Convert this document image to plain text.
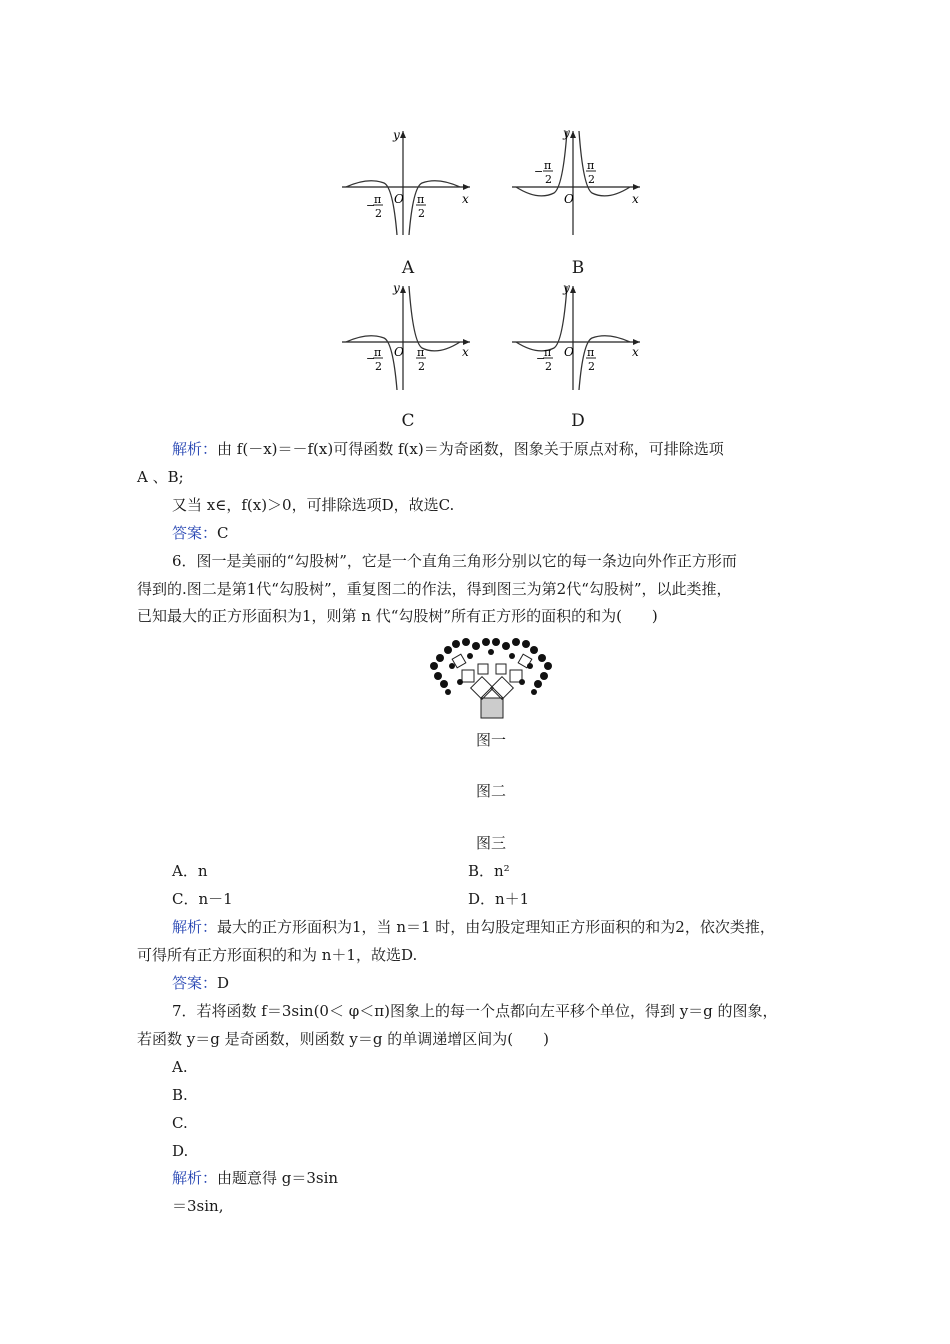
y
x
O
π
−
2
π
2
A
y
x
O
π
−
2
π
2
B
y
x
O
π
−
2
π
2
C
y
x
O
π
−
2
π
2
D
解析：由 f(－x)＝－f(x)可得函数 f(x)＝为奇函数，图象关于原点对称，可排除选项
A 、B;
又当 x∈，f(x)＞0，可排除选项D，故选C.
答案：C
6．图一是美丽的“勾股树”，它是一个直角三角形分别以它的每一条边向外作正方形而
得到的.图二是第1代“勾股树”，重复图二的作法，得到图三为第2代“勾股树”，以此类推，
已知最大的正方形面积为1，则第 n 代“勾股树”所有正方形的面积的和为(　　)
图一
图二
图三
A．n	B．n²
C．n－1	D．n＋1
解析：最大的正方形面积为1，当 n＝1 时，由勾股定理知正方形面积的和为2，依次类推，
可得所有正方形面积的和为 n＋1，故选D.
答案：D
7．若将函数 f＝3sin(0＜ φ＜π)图象上的每一个点都向左平移个单位，得到 y＝g 的图象，
若函数 y＝g 是奇函数，则函数 y＝g 的单调递增区间为(　　)
A.
B.
C.
D.
解析：由题意得 g＝3sin
＝3sin,
